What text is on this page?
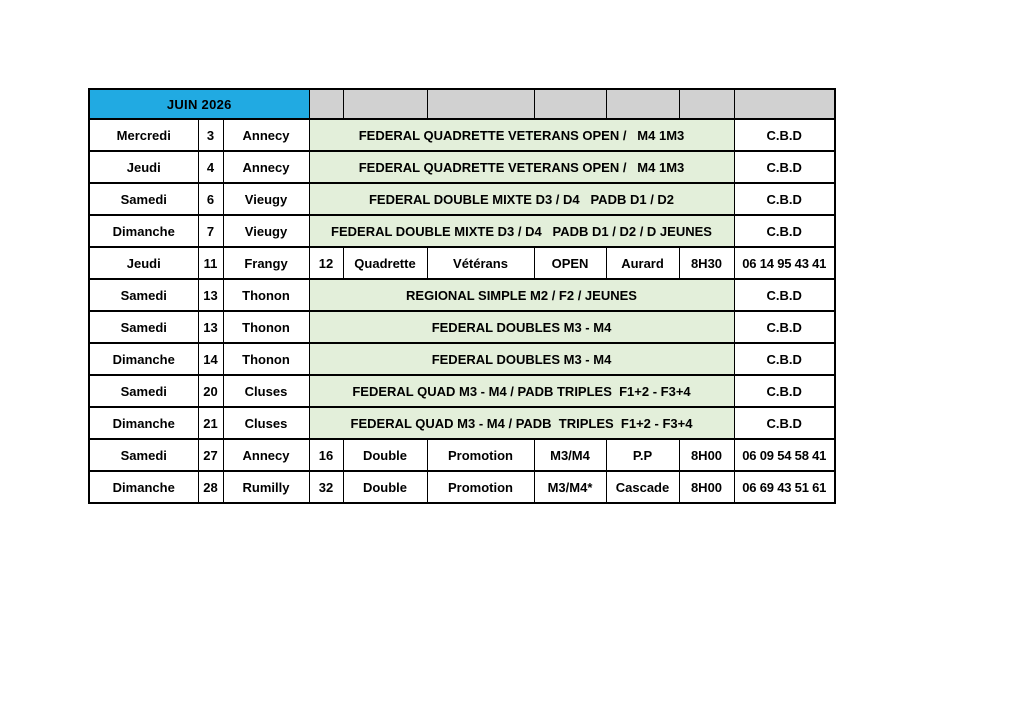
JUIN 2026									
Mercredi	3	Annecy	FEDERAL QUADRETTE VETERANS OPEN /   M4 1M3						C.B.D
Jeudi	4	Annecy	FEDERAL QUADRETTE VETERANS OPEN /   M4 1M3						C.B.D
Samedi	6	Vieugy	FEDERAL DOUBLE MIXTE D3 / D4   PADB D1 / D2						C.B.D
Dimanche	7	Vieugy	FEDERAL DOUBLE MIXTE D3 / D4   PADB D1 / D2 / D JEUNES						C.B.D
Jeudi	11	Frangy	12	Quadrette	Vétérans	OPEN	Aurard	8H30	06 14 95 43 41
Samedi	13	Thonon	REGIONAL SIMPLE M2 / F2 / JEUNES						C.B.D
Samedi	13	Thonon	FEDERAL DOUBLES M3 - M4						C.B.D
Dimanche	14	Thonon	FEDERAL DOUBLES M3 - M4						C.B.D
Samedi	20	Cluses	FEDERAL QUAD M3 - M4 / PADB TRIPLES  F1+2 - F3+4						C.B.D
Dimanche	21	Cluses	FEDERAL QUAD M3 - M4 / PADB  TRIPLES  F1+2 - F3+4						C.B.D
Samedi	27	Annecy	16	Double	Promotion	M3/M4	P.P	8H00	06 09 54 58 41
Dimanche	28	Rumilly	32	Double	Promotion	M3/M4*	Cascade	8H00	06 69 43 51 61
